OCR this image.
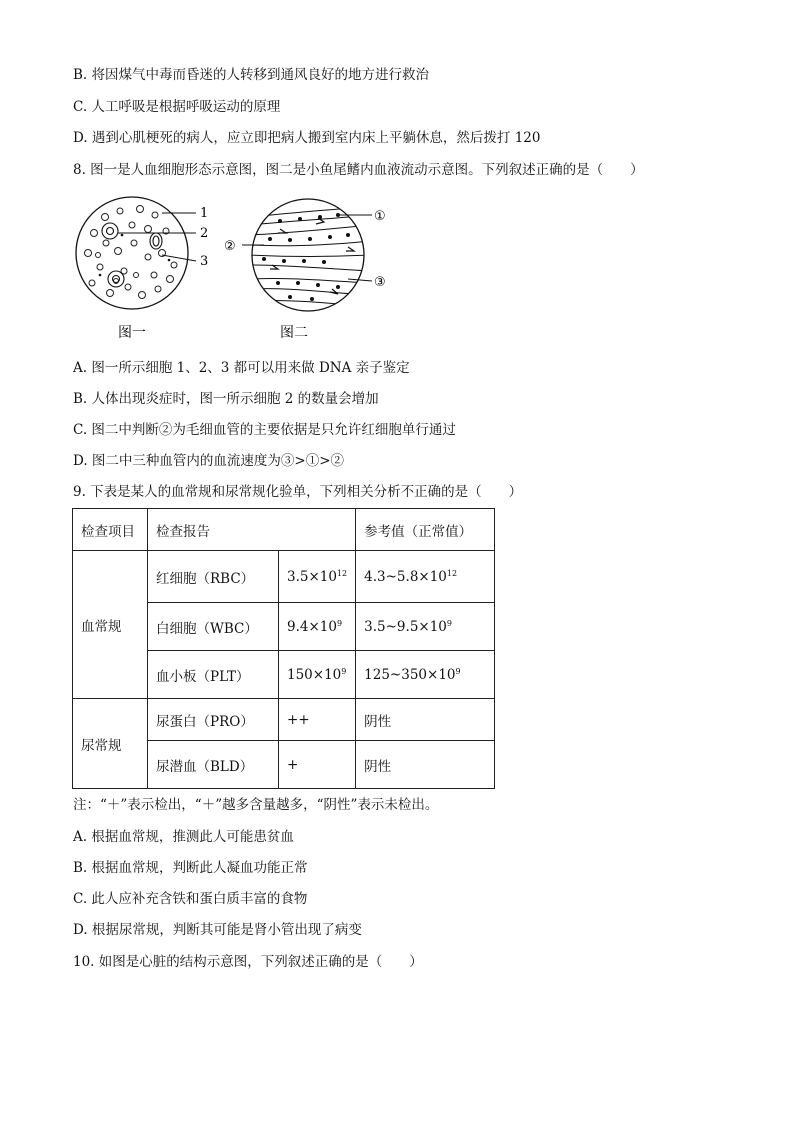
B. 将因煤气中毒而昏迷的人转移到通风良好的地方进行救治
C. 人工呼吸是根据呼吸运动的原理
D. 遇到心肌梗死的病人，应立即把病人搬到室内床上平躺休息，然后拨打 120
8. 图一是人血细胞形态示意图，图二是小鱼尾鳍内血液流动示意图。下列叙述正确的是（　　）
1
2
3
图一
①
②
③
图二
A. 图一所示细胞 1、2、3 都可以用来做 DNA 亲子鉴定
B. 人体出现炎症时，图一所示细胞 2 的数量会增加
C. 图二中判断②为毛细血管的主要依据是只允许红细胞单行通过
D. 图二中三种血管内的血流速度为③>①>②
9. 下表是某人的血常规和尿常规化验单，下列相关分析不正确的是（　　）
检查项目	检查报告		参考值（正常值）
血常规	红细胞（RBC）	$3.5\times 10^{12}$	$4.3\sim 5.8\times 10^{12}$
	白细胞（WBC）	$9.4\times 10^9$	$3.5\sim 9.5\times 10^9$
	血小板（PLT）	$150\times 10^9$	$125\sim 350\times 10^9$
尿常规	尿蛋白（PRO）	++	阴性
	尿潜血（BLD）	+	阴性
注：“＋”表示检出，“＋”越多含量越多，“阴性”表示未检出。
A. 根据血常规，推测此人可能患贫血
B. 根据血常规，判断此人凝血功能正常
C. 此人应补充含铁和蛋白质丰富的食物
D. 根据尿常规，判断其可能是肾小管出现了病变
10. 如图是心脏的结构示意图，下列叙述正确的是（　　）
